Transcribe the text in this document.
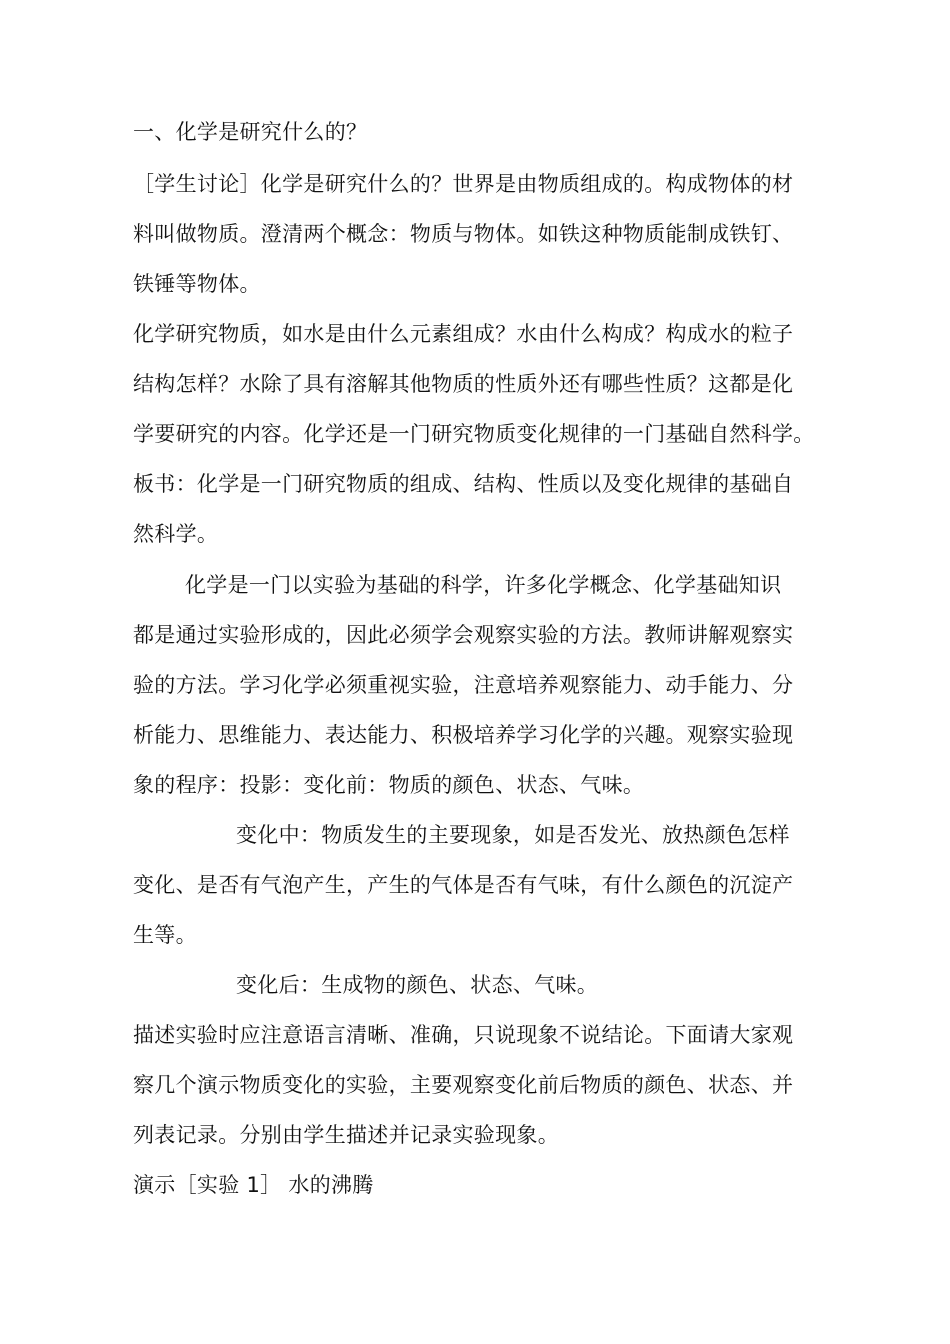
一、化学是研究什么的？
［学生讨论］化学是研究什么的？世界是由物质组成的。构成物体的材
料叫做物质。澄清两个概念：物质与物体。如铁这种物质能制成铁钉、
铁锤等物体。
化学研究物质，如水是由什么元素组成？水由什么构成？构成水的粒子
结构怎样？水除了具有溶解其他物质的性质外还有哪些性质？这都是化
学要研究的内容。化学还是一门研究物质变化规律的一门基础自然科学。
板书：化学是一门研究物质的组成、结构、性质以及变化规律的基础自
然科学。
化学是一门以实验为基础的科学，许多化学概念、化学基础知识
都是通过实验形成的，因此必须学会观察实验的方法。教师讲解观察实
验的方法。学习化学必须重视实验，注意培养观察能力、动手能力、分
析能力、思维能力、表达能力、积极培养学习化学的兴趣。观察实验现
象的程序：投影：变化前：物质的颜色、状态、气味。
变化中：物质发生的主要现象，如是否发光、放热颜色怎样
变化、是否有气泡产生，产生的气体是否有气味，有什么颜色的沉淀产
生等。
变化后：生成物的颜色、状态、气味。
描述实验时应注意语言清晰、准确，只说现象不说结论。下面请大家观
察几个演示物质变化的实验，主要观察变化前后物质的颜色、状态、并
列表记录。分别由学生描述并记录实验现象。
演示［实验 1］ 水的沸腾
